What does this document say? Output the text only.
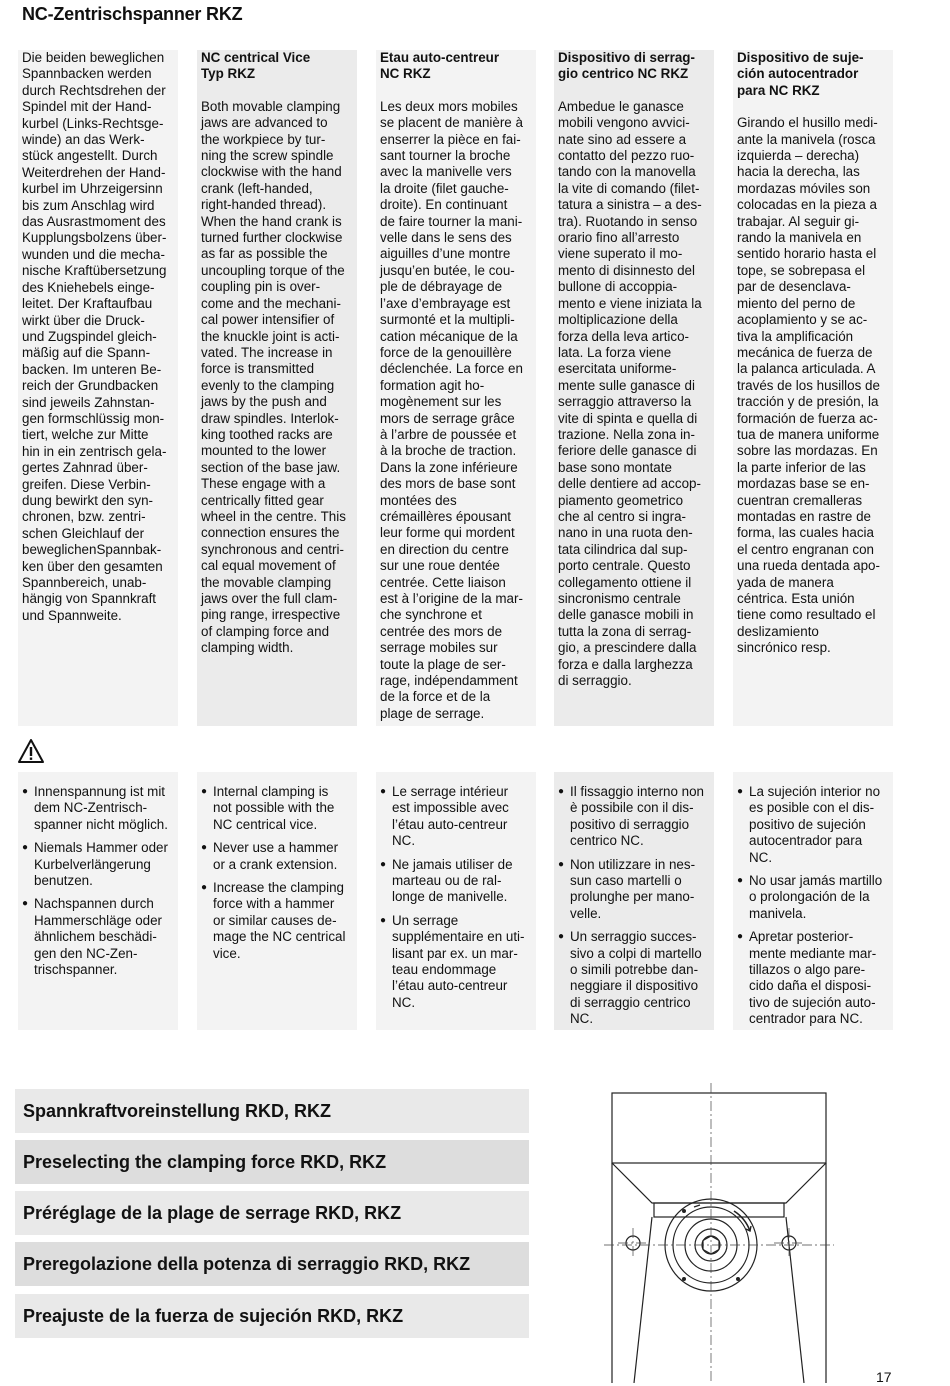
NC-Zentrischspanner RKZ
Die beiden beweglichen
Spannbacken werden
durch Rechtsdrehen der
Spindel mit der Hand-
kurbel (Links-Rechtsge-
winde) an das Werk-
stück angestellt. Durch
Weiterdrehen der Hand-
kurbel im Uhrzeigersinn
bis zum Anschlag wird
das Ausrastmoment des
Kupplungsbolzens über-
wunden und die mecha-
nische Kraftübersetzung
des Kniehebels einge-
leitet. Der Kraftaufbau
wirkt über die Druck-
und Zugspindel gleich-
mäßig auf die Spann-
backen. Im unteren Be-
reich der Grundbacken
sind jeweils Zahnstan-
gen formschlüssig mon-
tiert, welche zur Mitte
hin in ein zentrisch gela-
gertes Zahnrad über-
greifen. Diese Verbin-
dung bewirkt den syn-
chronen, bzw. zentri-
schen Gleichlauf der
beweglichenSpannbak-
ken über den gesamten
Spannbereich, unab-
hängig von Spannkraft
und Spannweite.
NC centrical Vice
Typ RKZ
Both movable clamping
jaws are advanced to
the workpiece by tur-
ning the screw spindle
clockwise with the hand
crank (left-handed,
right-handed thread).
When the hand crank is
turned further clockwise
as far as possible the
uncoupling torque of the
coupling pin is over-
come and the mechani-
cal power intensifier of
the knuckle joint is acti-
vated. The increase in
force is transmitted
evenly to the clamping
jaws by the push and
draw spindles. Interlok-
king toothed racks are
mounted to the lower
section of the base jaw.
These engage with a
centrically fitted gear
wheel in the centre. This
connection ensures the
synchronous and centri-
cal equal movement of
the movable clamping
jaws over the full clam-
ping range, irrespective
of clamping force and
clamping width.
Etau auto-centreur
NC RKZ
Les deux mors mobiles
se placent de manière à
enserrer la pièce en fai-
sant tourner la broche
avec la manivelle vers
la droite (filet gauche-
droite). En continuant
de faire tourner la mani-
velle dans le sens des
aiguilles d’une montre
jusqu’en butée, le cou-
ple de débrayage de
l’axe d’embrayage est
surmonté et la multipli-
cation mécanique de la
force de la genouillère
déclenchée. La force en
formation agit ho-
mogènement sur les
mors de serrage grâce
à l’arbre de poussée et
à la broche de traction.
Dans la zone inférieure
des mors de base sont
montées des
crémaillères épousant
leur forme qui mordent
en direction du centre
sur une roue dentée
centrée. Cette liaison
est à l’origine de la mar-
che synchrone et
centrée des mors de
serrage mobiles sur
toute la plage de ser-
rage, indépendamment
de la force et de la
plage de serrage.
Dispositivo di serrag-
gio centrico NC RKZ
Ambedue le ganasce
mobili vengono avvici-
nate sino ad essere a
contatto del pezzo ruo-
tando con la manovella
la vite di comando (filet-
tatura a sinistra – a des-
tra). Ruotando in senso
orario fino all’arresto
viene superato il mo-
mento di disinnesto del
bullone di accoppia-
mento e viene iniziata la
moltiplicazione della
forza della leva artico-
lata. La forza viene
esercitata uniforme-
mente sulle ganasce di
serraggio attraverso la
vite di spinta e quella di
trazione. Nella zona in-
feriore delle ganasce di
base sono montate
delle dentiere ad accop-
piamento geometrico
che al centro si ingra-
nano in una ruota den-
tata cilindrica dal sup-
porto centrale. Questo
collegamento ottiene il
sincronismo centrale
delle ganasce mobili in
tutta la zona di serrag-
gio, a prescindere dalla
forza e dalla larghezza
di serraggio.
Dispositivo de suje-
ción autocentrador
para NC RKZ
Girando el husillo medi-
ante la manivela (rosca
izquierda – derecha)
hacia la derecha, las
mordazas móviles son
colocadas en la pieza a
trabajar. Al seguir gi-
rando la manivela en
sentido horario hasta el
tope, se sobrepasa el
par de desenclava-
miento del perno de
acoplamiento y se ac-
tiva la amplificación
mecánica de fuerza de
la palanca articulada. A
través de los husillos de
tracción y de presión, la
formación de fuerza ac-
tua de manera uniforme
sobre las mordazas. En
la parte inferior de las
mordazas base se en-
cuentran cremalleras
montadas en rastre de
forma, las cuales hacia
el centro engranan con
una rueda dentada apo-
yada de manera
céntrica. Esta unión
tiene como resultado el
deslizamiento
sincrónico resp.
● Innenspannung ist mit
dem NC-Zentrisch-
spanner nicht möglich.
● Niemals Hammer oder
Kurbelverlängerung
benutzen.
● Nachspannen durch
Hammerschläge oder
ähnlichem beschädi-
gen den NC-Zen-
trischspanner.
● Internal clamping is
not possible with the
NC centrical vice.
● Never use a hammer
or a crank extension.
● Increase the clamping
force with a hammer
or similar causes de-
mage the NC centrical
vice.
● Le serrage intérieur
est impossible avec
l’étau auto-centreur
NC.
● Ne jamais utiliser de
marteau ou de ral-
longe de manivelle.
● Un serrage
supplémentaire en uti-
lisant par ex. un mar-
teau endommage
l’étau auto-centreur
NC.
● Il fissaggio interno non
è possibile con il dis-
positivo di serraggio
centrico NC.
● Non utilizzare in nes-
sun caso martelli o
prolunghe per mano-
velle.
● Un serraggio succes-
sivo a colpi di martello
o simili potrebbe dan-
neggiare il dispositivo
di serraggio centrico
NC.
● La sujeción interior no
es posible con el dis-
positivo de sujeción
autocentrador para
NC.
● No usar jamás martillo
o prolongación de la
manivela.
● Apretar posterior-
mente mediante mar-
tillazos o algo pare-
cido daña el disposi-
tivo de sujeción auto-
centrador para NC.
Spannkraftvoreinstellung RKD, RKZ
Preselecting the clamping force RKD, RKZ
Préréglage de la plage de serrage RKD, RKZ
Preregolazione della potenza di serraggio RKD, RKZ
Preajuste de la fuerza de sujeción RKD, RKZ
17
